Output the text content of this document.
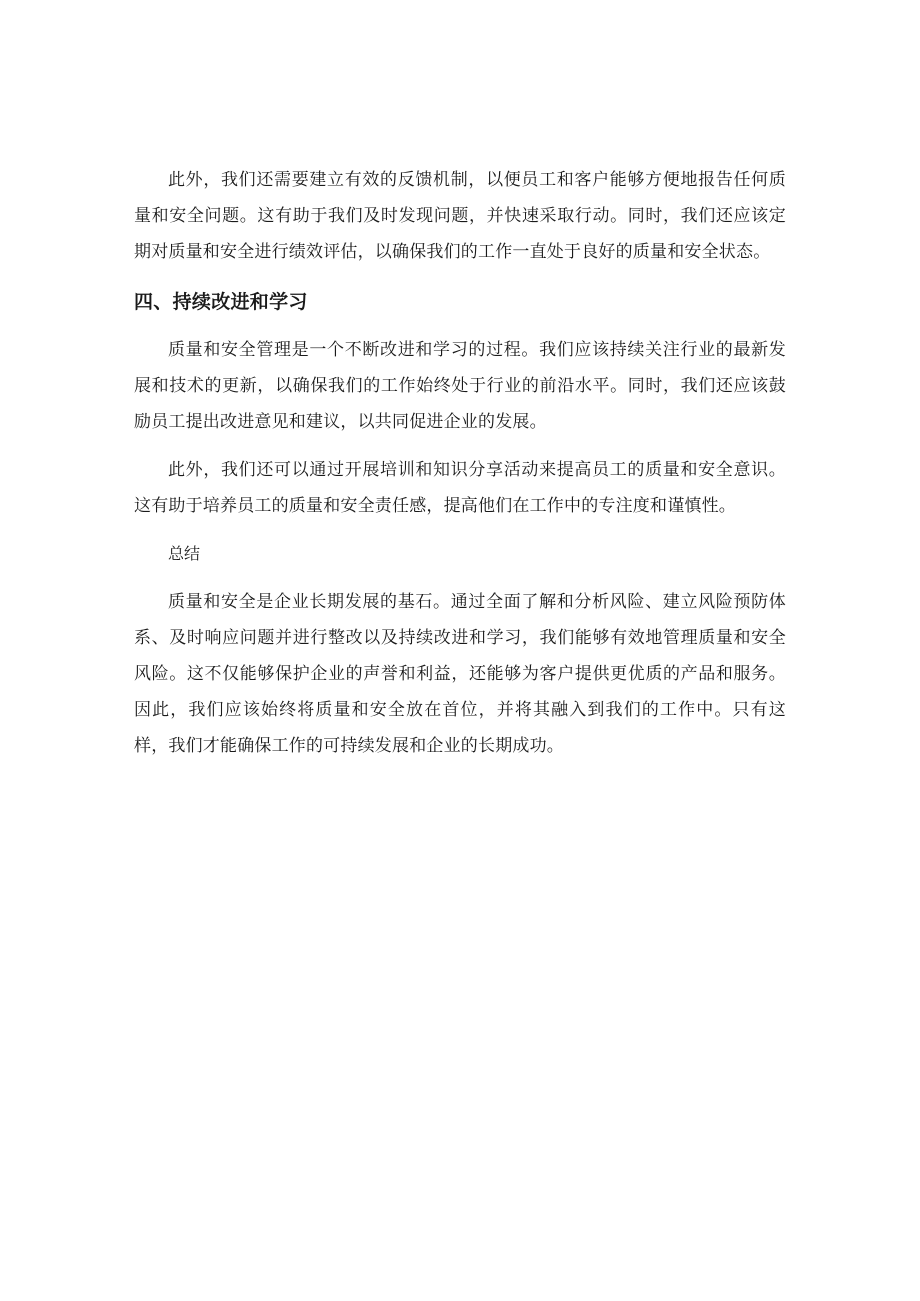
此外，我们还需要建立有效的反馈机制，以便员工和客户能够方便地报告任何质量和安全问题。这有助于我们及时发现问题，并快速采取行动。同时，我们还应该定期对质量和安全进行绩效评估，以确保我们的工作一直处于良好的质量和安全状态。

四、持续改进和学习

质量和安全管理是一个不断改进和学习的过程。我们应该持续关注行业的最新发展和技术的更新，以确保我们的工作始终处于行业的前沿水平。同时，我们还应该鼓励员工提出改进意见和建议，以共同促进企业的发展。

此外，我们还可以通过开展培训和知识分享活动来提高员工的质量和安全意识。这有助于培养员工的质量和安全责任感，提高他们在工作中的专注度和谨慎性。

总结

质量和安全是企业长期发展的基石。通过全面了解和分析风险、建立风险预防体系、及时响应问题并进行整改以及持续改进和学习，我们能够有效地管理质量和安全风险。这不仅能够保护企业的声誉和利益，还能够为客户提供更优质的产品和服务。因此，我们应该始终将质量和安全放在首位，并将其融入到我们的工作中。只有这样，我们才能确保工作的可持续发展和企业的长期成功。
